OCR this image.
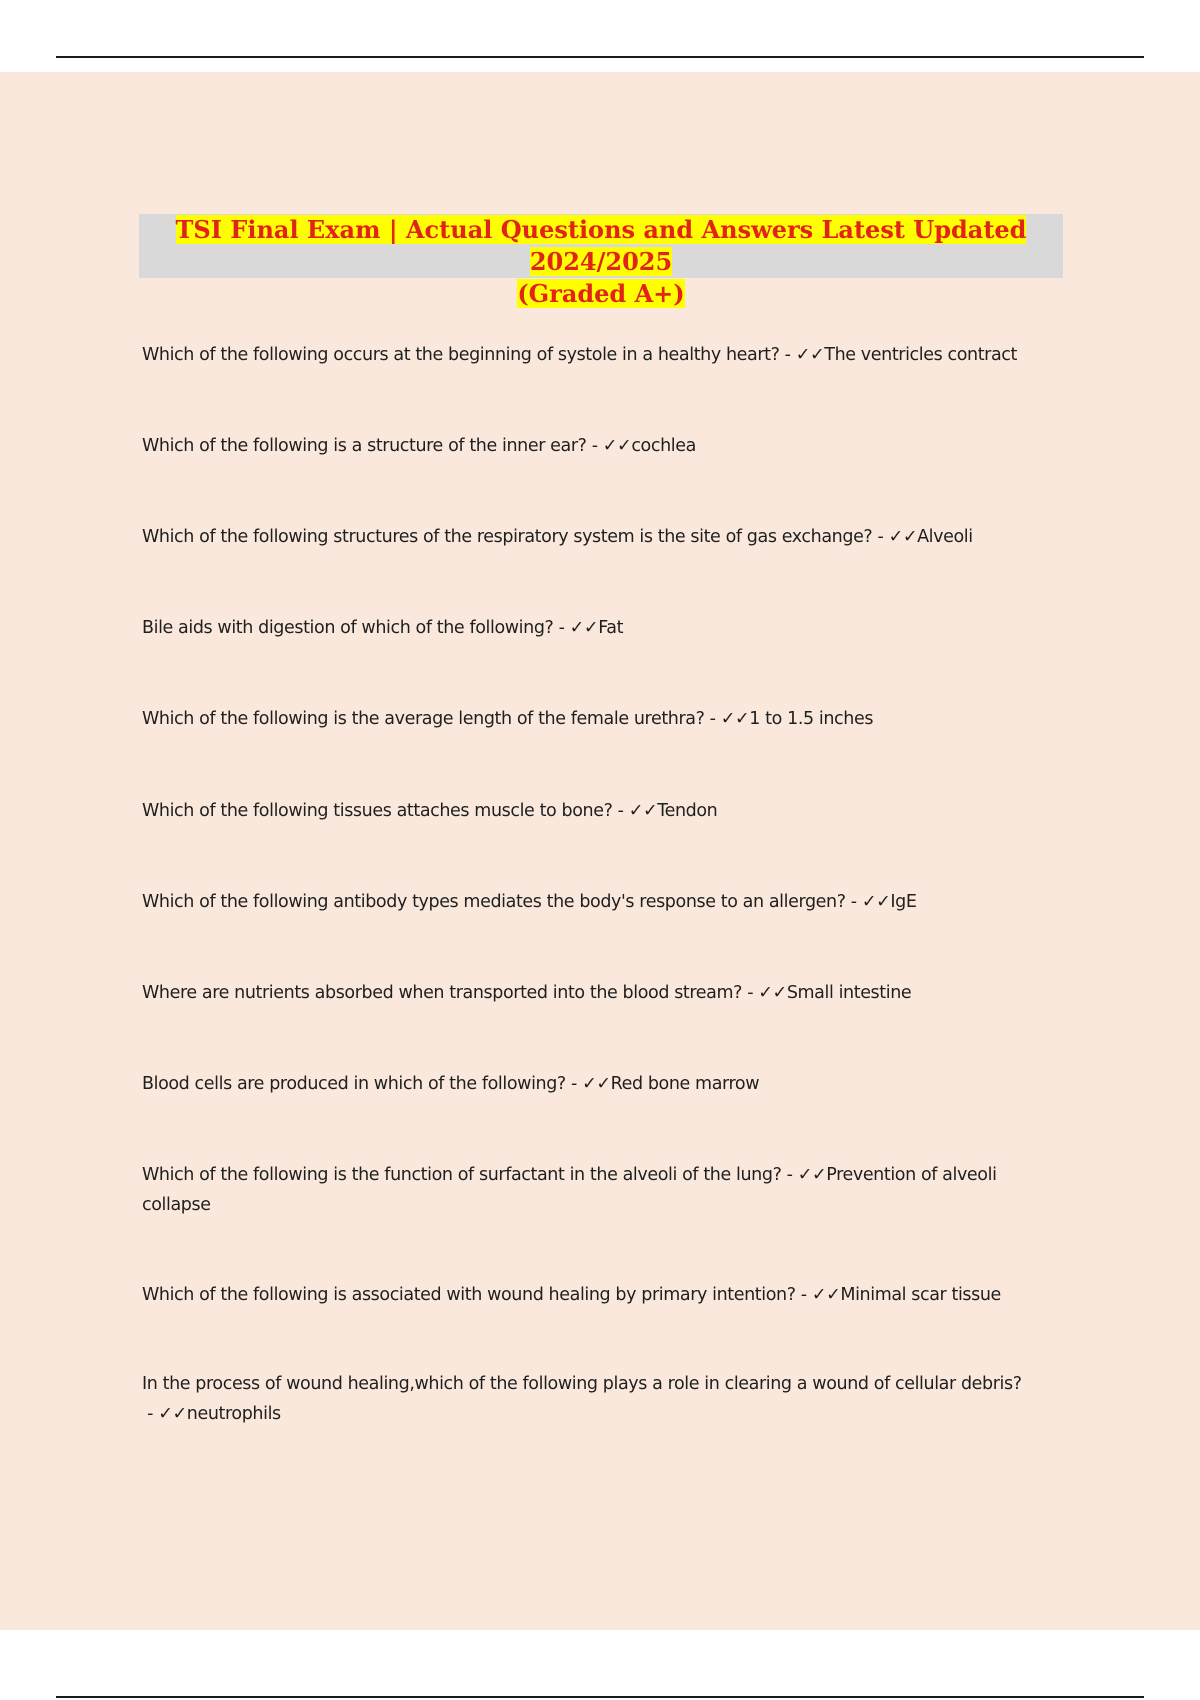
TSI Final Exam | Actual Questions and Answers Latest Updated 2024/2025
(Graded A+)
Which of the following occurs at the beginning of systole in a healthy heart? - ✓✓The ventricles contract
Which of the following is a structure of the inner ear? - ✓✓cochlea
Which of the following structures of the respiratory system is the site of gas exchange? - ✓✓Alveoli
Bile aids with digestion of which of the following? - ✓✓Fat
Which of the following is the average length of the female urethra? - ✓✓1 to 1.5 inches
Which of the following tissues attaches muscle to bone? - ✓✓Tendon
Which of the following antibody types mediates the body's response to an allergen? - ✓✓IgE
Where are nutrients absorbed when transported into the blood stream? - ✓✓Small intestine
Blood cells are produced in which of the following? - ✓✓Red bone marrow
Which of the following is the function of surfactant in the alveoli of the lung? - ✓✓Prevention of alveoli collapse
Which of the following is associated with wound healing by primary intention? - ✓✓Minimal scar tissue
In the process of wound healing,which of the following plays a role in clearing a wound of cellular debris? - ✓✓neutrophils
